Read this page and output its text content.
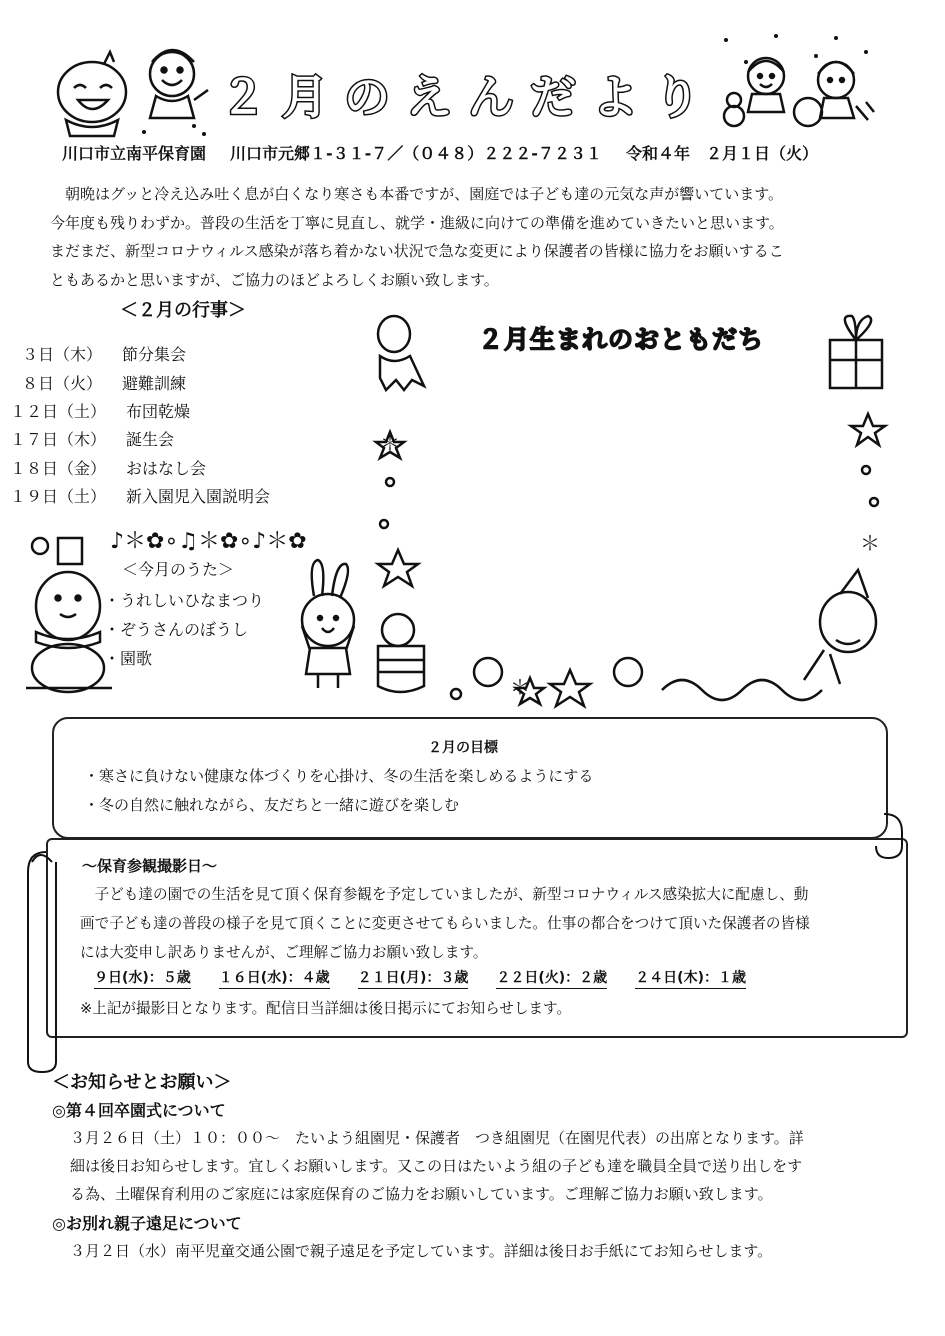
２月のえんだより
川口市立南平保育園 川口市元郷１-３１-７／（０４８）２２２-７２３１ 令和４年　２月１日（火）

朝晩はグッと冷え込み吐く息が白くなり寒さも本番ですが、園庭では子ども達の元気な声が響いています。

今年度も残りわずか。普段の生活を丁寧に見直し、就学・進級に向けての準備を進めていきたいと思います。

まだまだ、新型コロナウィルス感染が落ち着かない状況で急な変更により保護者の皆様に協力をお願いするこ

ともあるかと思いますが、ご協力のほどよろしくお願い致します。

＜２月の行事＞
３日（木） 節分集会
８日（火） 避難訓練
１２日（土） 布団乾燥
１７日（木） 誕生会
１８日（金） おはなし会
１９日（土） 新入園児入園説明会
＊
＊
＊
２月生まれのおともだち
♪＊✿∘♫＊✿∘♪＊✿
＜今月のうた＞
・うれしいひなまつり
・ぞうさんのぼうし
・園歌
２月の目標
・寒さに負けない健康な体づくりを心掛け、冬の生活を楽しめるようにする
・冬の自然に触れながら、友だちと一緒に遊びを楽しむ
～保育参観撮影日～

子ども達の園での生活を見て頂く保育参観を予定していましたが、新型コロナウィルス感染拡大に配慮し、動

画で子ども達の普段の様子を見て頂くことに変更させてもらいました。仕事の都合をつけて頂いた保護者の皆様

には大変申し訳ありませんが、ご理解ご協力お願い致します。

９日(水)：５歳 １６日(水)：４歳 ２１日(月)：３歳 ２２日(火)：２歳 ２４日(木)：１歳
※上記が撮影日となります。配信日当詳細は後日掲示にてお知らせします。
＜お知らせとお願い＞
◎第４回卒園式について
３月２６日（土）１０：００～　たいよう組園児・保護者　つき組園児（在園児代表）の出席となります。詳
細は後日お知らせします。宜しくお願いします。又この日はたいよう組の子ども達を職員全員で送り出しをす
る為、土曜保育利用のご家庭には家庭保育のご協力をお願いしています。ご理解ご協力お願い致します。
◎お別れ親子遠足について
３月２日（水）南平児童交通公園で親子遠足を予定しています。詳細は後日お手紙にてお知らせします。
